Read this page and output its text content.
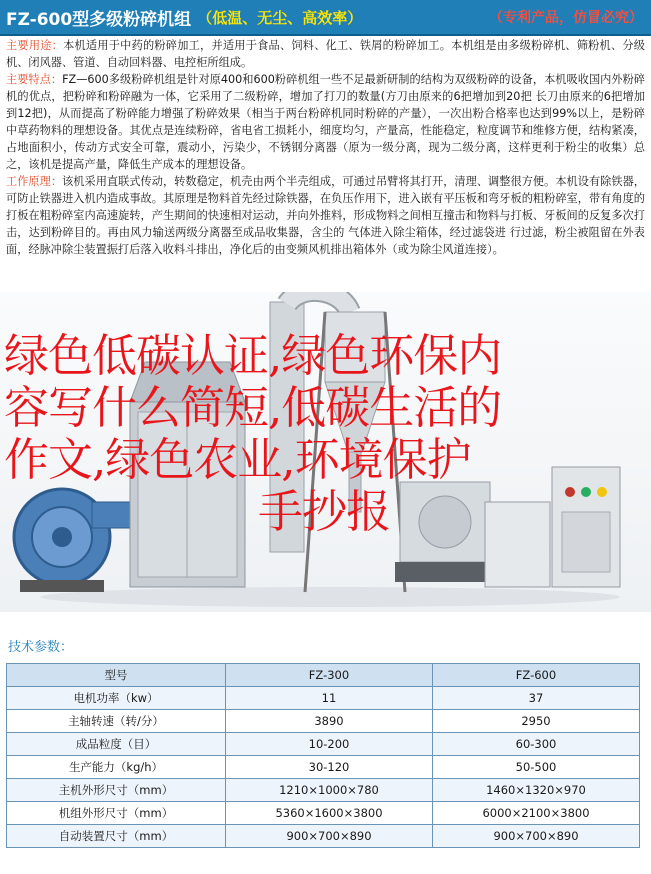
FZ-600型多级粉碎机组 （低温、无尘、高效率）	（专利产品，仿冒必究）

主要用途：本机适用于中药的粉碎加工，并适用于食品、饲料、化工、铁屑的粉碎加工。本机组是由多级粉碎机、筛粉机、分级机、闭风器、管道、自动回料器、电控柜所组成。

主要特点：FZ—600多级粉碎机组是针对原400和600粉碎机组一些不足最新研制的结构为双级粉碎的设备，本机吸收国内外粉碎机的优点，把粉碎和粉碎融为一体，它采用了二级粉碎，增加了打刀的数量(方刀由原来的6把增加到20把 长刀由原来的6把增加到12把)，从而提高了粉碎能力增强了粉碎效果（相当于两台粉碎机同时粉碎的产量），一次出粉合格率也达到99%以上，是粉碎中草药物料的理想设备。其优点是连续粉碎，省电省工损耗小，细度均匀，产量高，性能稳定，粒度调节和维修方便，结构紧凑，占地面积小，传动方式安全可靠，震动小，污染少，不锈钢分离器（原为一级分离，现为二级分离，这样更利于粉尘的收集）总之，该机是提高产量，降低生产成本的理想设备。

工作原理：该机采用直联式传动，转数稳定，机壳由两个半壳组成，可通过吊臂将其打开，清理、调整很方便。本机设有除铁器，可防止铁器进入机内造成事故。其原理是物料首先经过除铁器，在负压作用下，进入嵌有平压板和弯牙板的粗粉碎室，带有角度的打板在粗粉碎室内高速旋转，产生期间的快速相对运动，并向外推料，形成物料之间相互撞击和物料与打板、牙板间的反复多次打击，达到粉碎目的。再由风力输送两级分离器至成品收集器，含尘的 气体进入除尘箱体，经过滤袋进 行过滤，粉尘被阻留在外表面，经脉冲除尘装置振打后落入收料斗排出，净化后的由变频风机排出箱体外（或为除尘风道连接）。

绿色低碳认证,绿色环保内
容写什么简短,低碳生活的
作文,绿色农业,环境保护
手抄报
技术参数：
型号	FZ-300	FZ-600
电机功率（kw）	11	37
主轴转速（转/分）	3890	2950
成品粒度（目）	10-200	60-300
生产能力（kg/h）	30-120	50-500
主机外形尺寸（mm）	1210×1000×780	1460×1320×970
机组外形尺寸（mm）	5360×1600×3800	6000×2100×3800
自动装置尺寸（mm）	900×700×890	900×700×890
